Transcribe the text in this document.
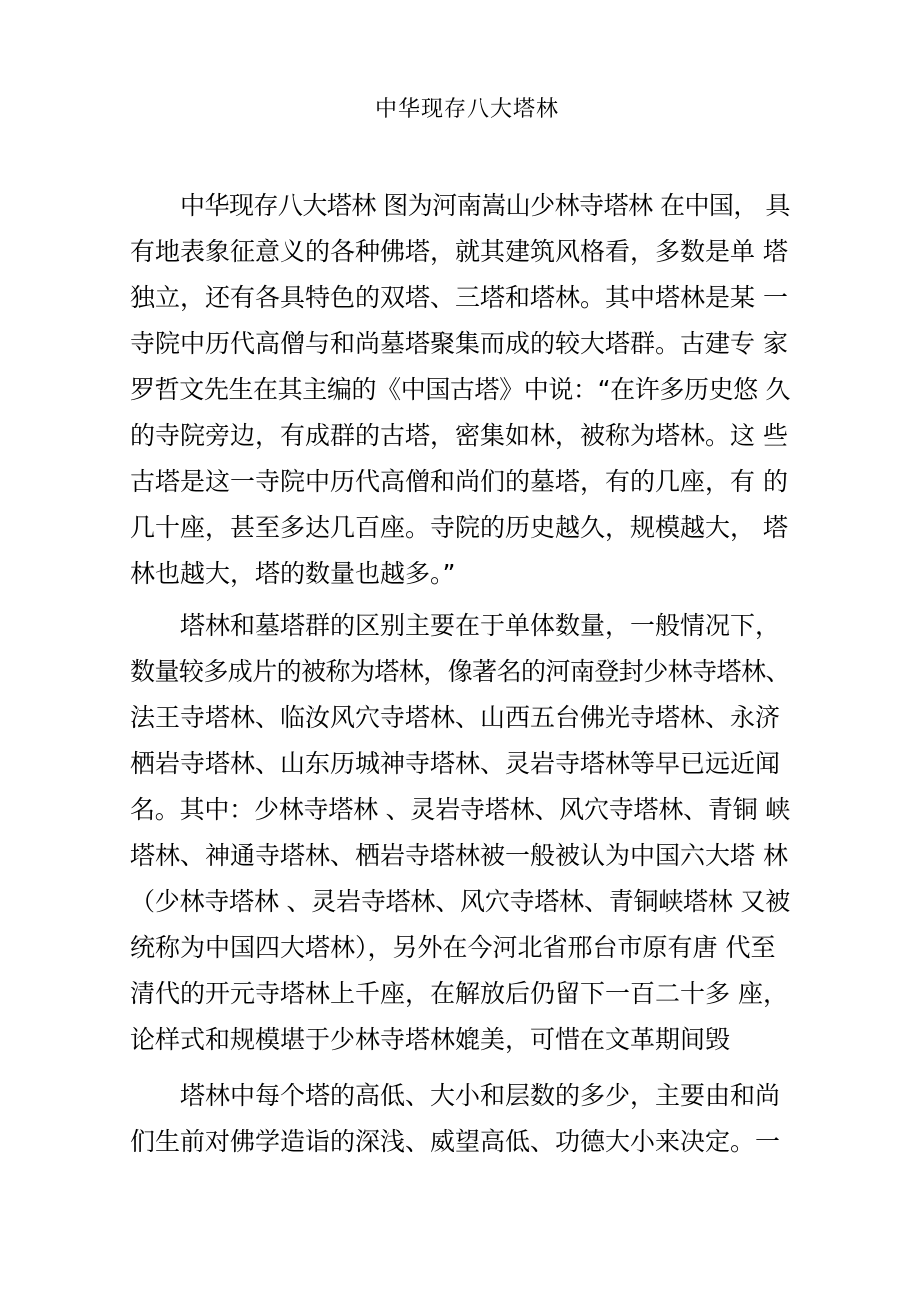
中华现存八大塔林
中华现存八大塔林 图为河南嵩山少林寺塔林 在中国， 具
有地表象征意义的各种佛塔，就其建筑风格看，多数是单 塔
独立，还有各具特色的双塔、三塔和塔林。其中塔林是某 一
寺院中历代高僧与和尚墓塔聚集而成的较大塔群。古建专 家
罗哲文先生在其主编的《中国古塔》中说：“在许多历史悠 久
的寺院旁边，有成群的古塔，密集如林，被称为塔林。这 些
古塔是这一寺院中历代高僧和尚们的墓塔，有的几座，有 的
几十座，甚至多达几百座。寺院的历史越久，规模越大， 塔
林也越大，塔的数量也越多。”
塔林和墓塔群的区别主要在于单体数量，一般情况下，
数量较多成片的被称为塔林，像著名的河南登封少林寺塔林、
法王寺塔林、临汝风穴寺塔林、山西五台佛光寺塔林、永济
栖岩寺塔林、山东历城神寺塔林、灵岩寺塔林等早已远近闻
名。其中：少林寺塔林 、灵岩寺塔林、风穴寺塔林、青铜 峡
塔林、神通寺塔林、栖岩寺塔林被一般被认为中国六大塔 林
（少林寺塔林 、灵岩寺塔林、风穴寺塔林、青铜峡塔林 又被
统称为中国四大塔林），另外在今河北省邢台市原有唐 代至
清代的开元寺塔林上千座，在解放后仍留下一百二十多 座，
论样式和规模堪于少林寺塔林媲美，可惜在文革期间毁
塔林中每个塔的高低、大小和层数的多少，主要由和尚
们生前对佛学造诣的深浅、威望高低、功德大小来决定。一
